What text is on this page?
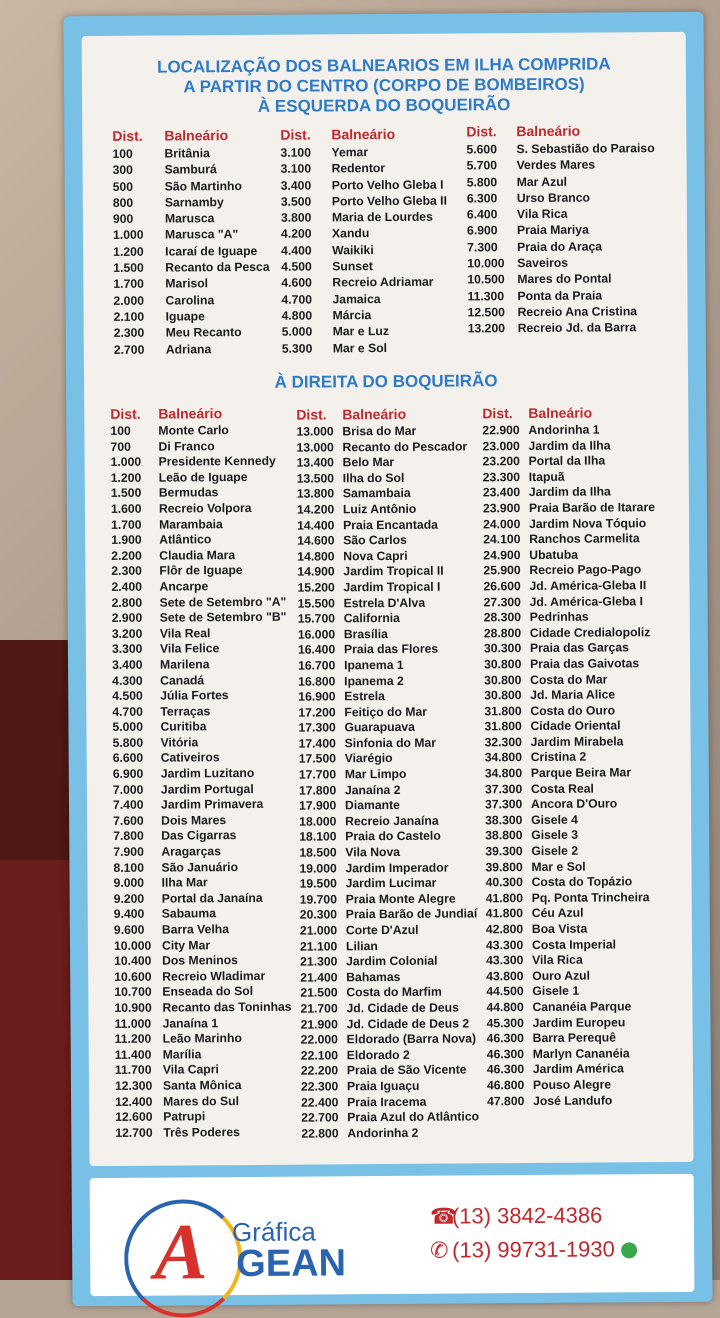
LOCALIZAÇÃO DOS BALNEARIOS EM ILHA COMPRIDA
A PARTIR DO CENTRO (CORPO DE BOMBEIROS)
À ESQUERDA DO BOQUEIRÃO
Dist. Balneário
100	Britânia
300	Samburá
500	São Martinho
800	Sarnamby
900	Marusca
1.000 Marusca "A"
1.200 Icaraí de Iguape
1.500 Recanto da Pesca
1.700 Marisol
2.000 Carolina
2.100 Iguape
2.300 Meu Recanto
2.700 Adriana
Dist. Balneário
3.100 Yemar
3.100 Redentor
3.400 Porto Velho Gleba I
3.500 Porto Velho Gleba II
3.800 Maria de Lourdes
4.200 Xandu
4.400 Waikiki
4.500 Sunset
4.600 Recreio Adriamar
4.700 Jamaica
4.800 Márcia
5.000 Mar e Luz
5.300 Mar e Sol
Dist. Balneário
5.600 S. Sebastião do Paraiso
5.700 Verdes Mares
5.800 Mar Azul
6.300 Urso Branco
6.400 Vila Rica
6.900 Praia Mariya
7.300 Praia do Araça
10.000 Saveiros
10.500 Mares do Pontal
11.300 Ponta da Praia
12.500 Recreio Ana Cristina
13.200 Recreio Jd. da Barra
À DIREITA DO BOQUEIRÃO
Dist. Balneário
100 Monte Carlo
700 Di Franco
1.000 Presidente Kennedy
1.200 Leão de Iguape
1.500 Bermudas
1.600 Recreio Volpora
1.700 Marambaia
1.900 Atlântico
2.200 Claudia Mara
2.300 Flôr de Iguape
2.400 Ancarpe
2.800 Sete de Setembro "A"
2.900 Sete de Setembro "B"
3.200 Vila Real
3.300 Vila Felice
3.400 Marilena
4.300 Canadá
4.500 Júlia Fortes
4.700 Terraças
5.000 Curitiba
5.800 Vitória
6.600 Cativeiros
6.900 Jardim Luzitano
7.000 Jardim Portugal
7.400 Jardim Primavera
7.600 Dois Mares
7.800 Das Cigarras
7.900 Aragarças
8.100 São Januário
9.000 Ilha Mar
9.200 Portal da Janaína
9.400 Sabauma
9.600 Barra Velha
10.000 City Mar
10.400 Dos Meninos
10.600 Recreio Wladimar
10.700 Enseada do Sol
10.900 Recanto das Toninhas
11.000 Janaína 1
11.200 Leão Marinho
11.400 Marília
11.700 Vila Capri
12.300 Santa Mônica
12.400 Mares do Sul
12.600 Patrupi
12.700 Três Poderes
Dist. Balneário
13.000 Brisa do Mar
13.000 Recanto do Pescador
13.400 Belo Mar
13.500 Ilha do Sol
13.800 Samambaia
14.200 Luiz Antônio
14.400 Praia Encantada
14.600 São Carlos
14.800 Nova Capri
14.900 Jardim Tropical II
15.200 Jardim Tropical I
15.500 Estrela D'Alva
15.700 California
16.000 Brasília
16.400 Praia das Flores
16.700 Ipanema 1
16.800 Ipanema 2
16.900 Estrela
17.200 Feitiço do Mar
17.300 Guarapuava
17.400 Sinfonia do Mar
17.500 Viarégio
17.700 Mar Limpo
17.800 Janaína 2
17.900 Diamante
18.000 Recreio Janaína
18.100 Praia do Castelo
18.500 Vila Nova
19.000 Jardim Imperador
19.500 Jardim Lucimar
19.700 Praia Monte Alegre
20.300 Praia Barão de Jundiaí
21.000 Corte D'Azul
21.100 Lilian
21.300 Jardim Colonial
21.400 Bahamas
21.500 Costa do Marfim
21.700 Jd. Cidade de Deus
21.900 Jd. Cidade de Deus 2
22.000 Eldorado (Barra Nova)
22.100 Eldorado 2
22.200 Praia de São Vicente
22.300 Praia Iguaçu
22.400 Praia Iracema
22.700 Praia Azul do Atlântico
22.800 Andorinha 2
Dist. Balneário
22.900 Andorinha 1
23.000 Jardim da Ilha
23.200 Portal da Ilha
23.300 Itapuã
23.400 Jardim da Ilha
23.900 Praia Barão de Itarare
24.000 Jardim Nova Tóquio
24.100 Ranchos Carmelita
24.900 Ubatuba
25.900 Recreio Pago-Pago
26.600 Jd. América-Gleba II
27.300 Jd. América-Gleba I
28.300 Pedrinhas
28.800 Cidade Credialopoliz
30.300 Praia das Garças
30.800 Praia das Gaivotas
30.800 Costa do Mar
30.800 Jd. Maria Alice
31.800 Costa do Ouro
31.800 Cidade Oriental
32.300 Jardim Mirabela
34.800 Cristina 2
34.800 Parque Beira Mar
37.300 Costa Real
37.300 Ancora D'Ouro
38.300 Gisele 4
38.800 Gisele 3
39.300 Gisele 2
39.800 Mar e Sol
40.300 Costa do Topázio
41.800 Pq. Ponta Trincheira
41.800 Céu Azul
42.800 Boa Vista
43.300 Costa Imperial
43.300 Vila Rica
43.800 Ouro Azul
44.500 Gisele 1
44.800 Cananéia Parque
45.300 Jardim Europeu
46.300 Barra Perequê
46.300 Marlyn Cananéia
46.300 Jardim América
46.800 Pouso Alegre
47.800 José Landufo
A Gráfica
GEAN
☎(13) 3842-4386
✆ (13) 99731-1930
